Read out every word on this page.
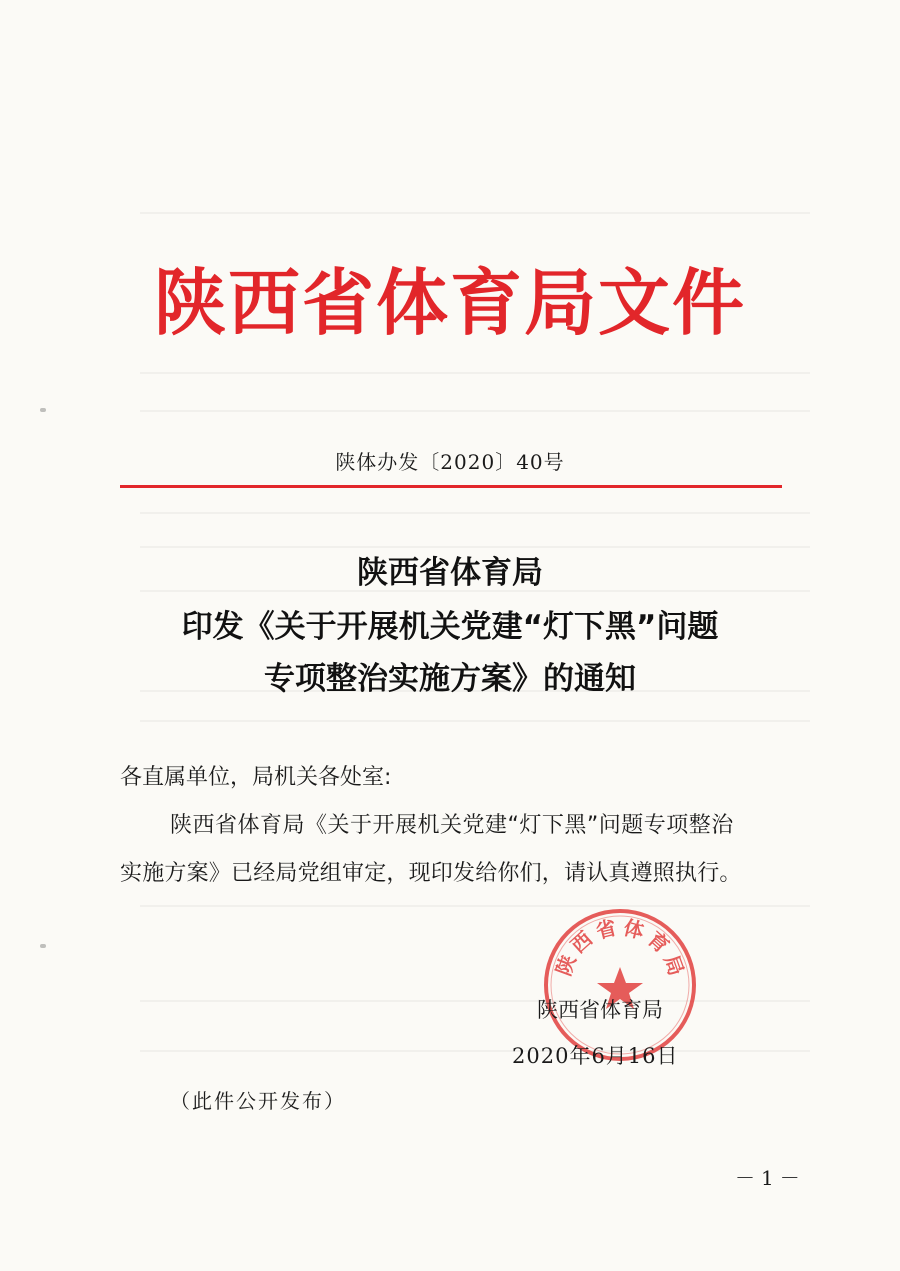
陕西省体育局文件
陕体办发〔2020〕40号
陕西省体育局
印发《关于开展机关党建“灯下黑”问题
专项整治实施方案》的通知
各直属单位，局机关各处室:
陕西省体育局《关于开展机关党建“灯下黑”问题专项整治
实施方案》已经局党组审定，现印发给你们，请认真遵照执行。
陕
西
省 体
育
局
陕西省体育局
2020年6月16日
（此件公开发布）
－1－
